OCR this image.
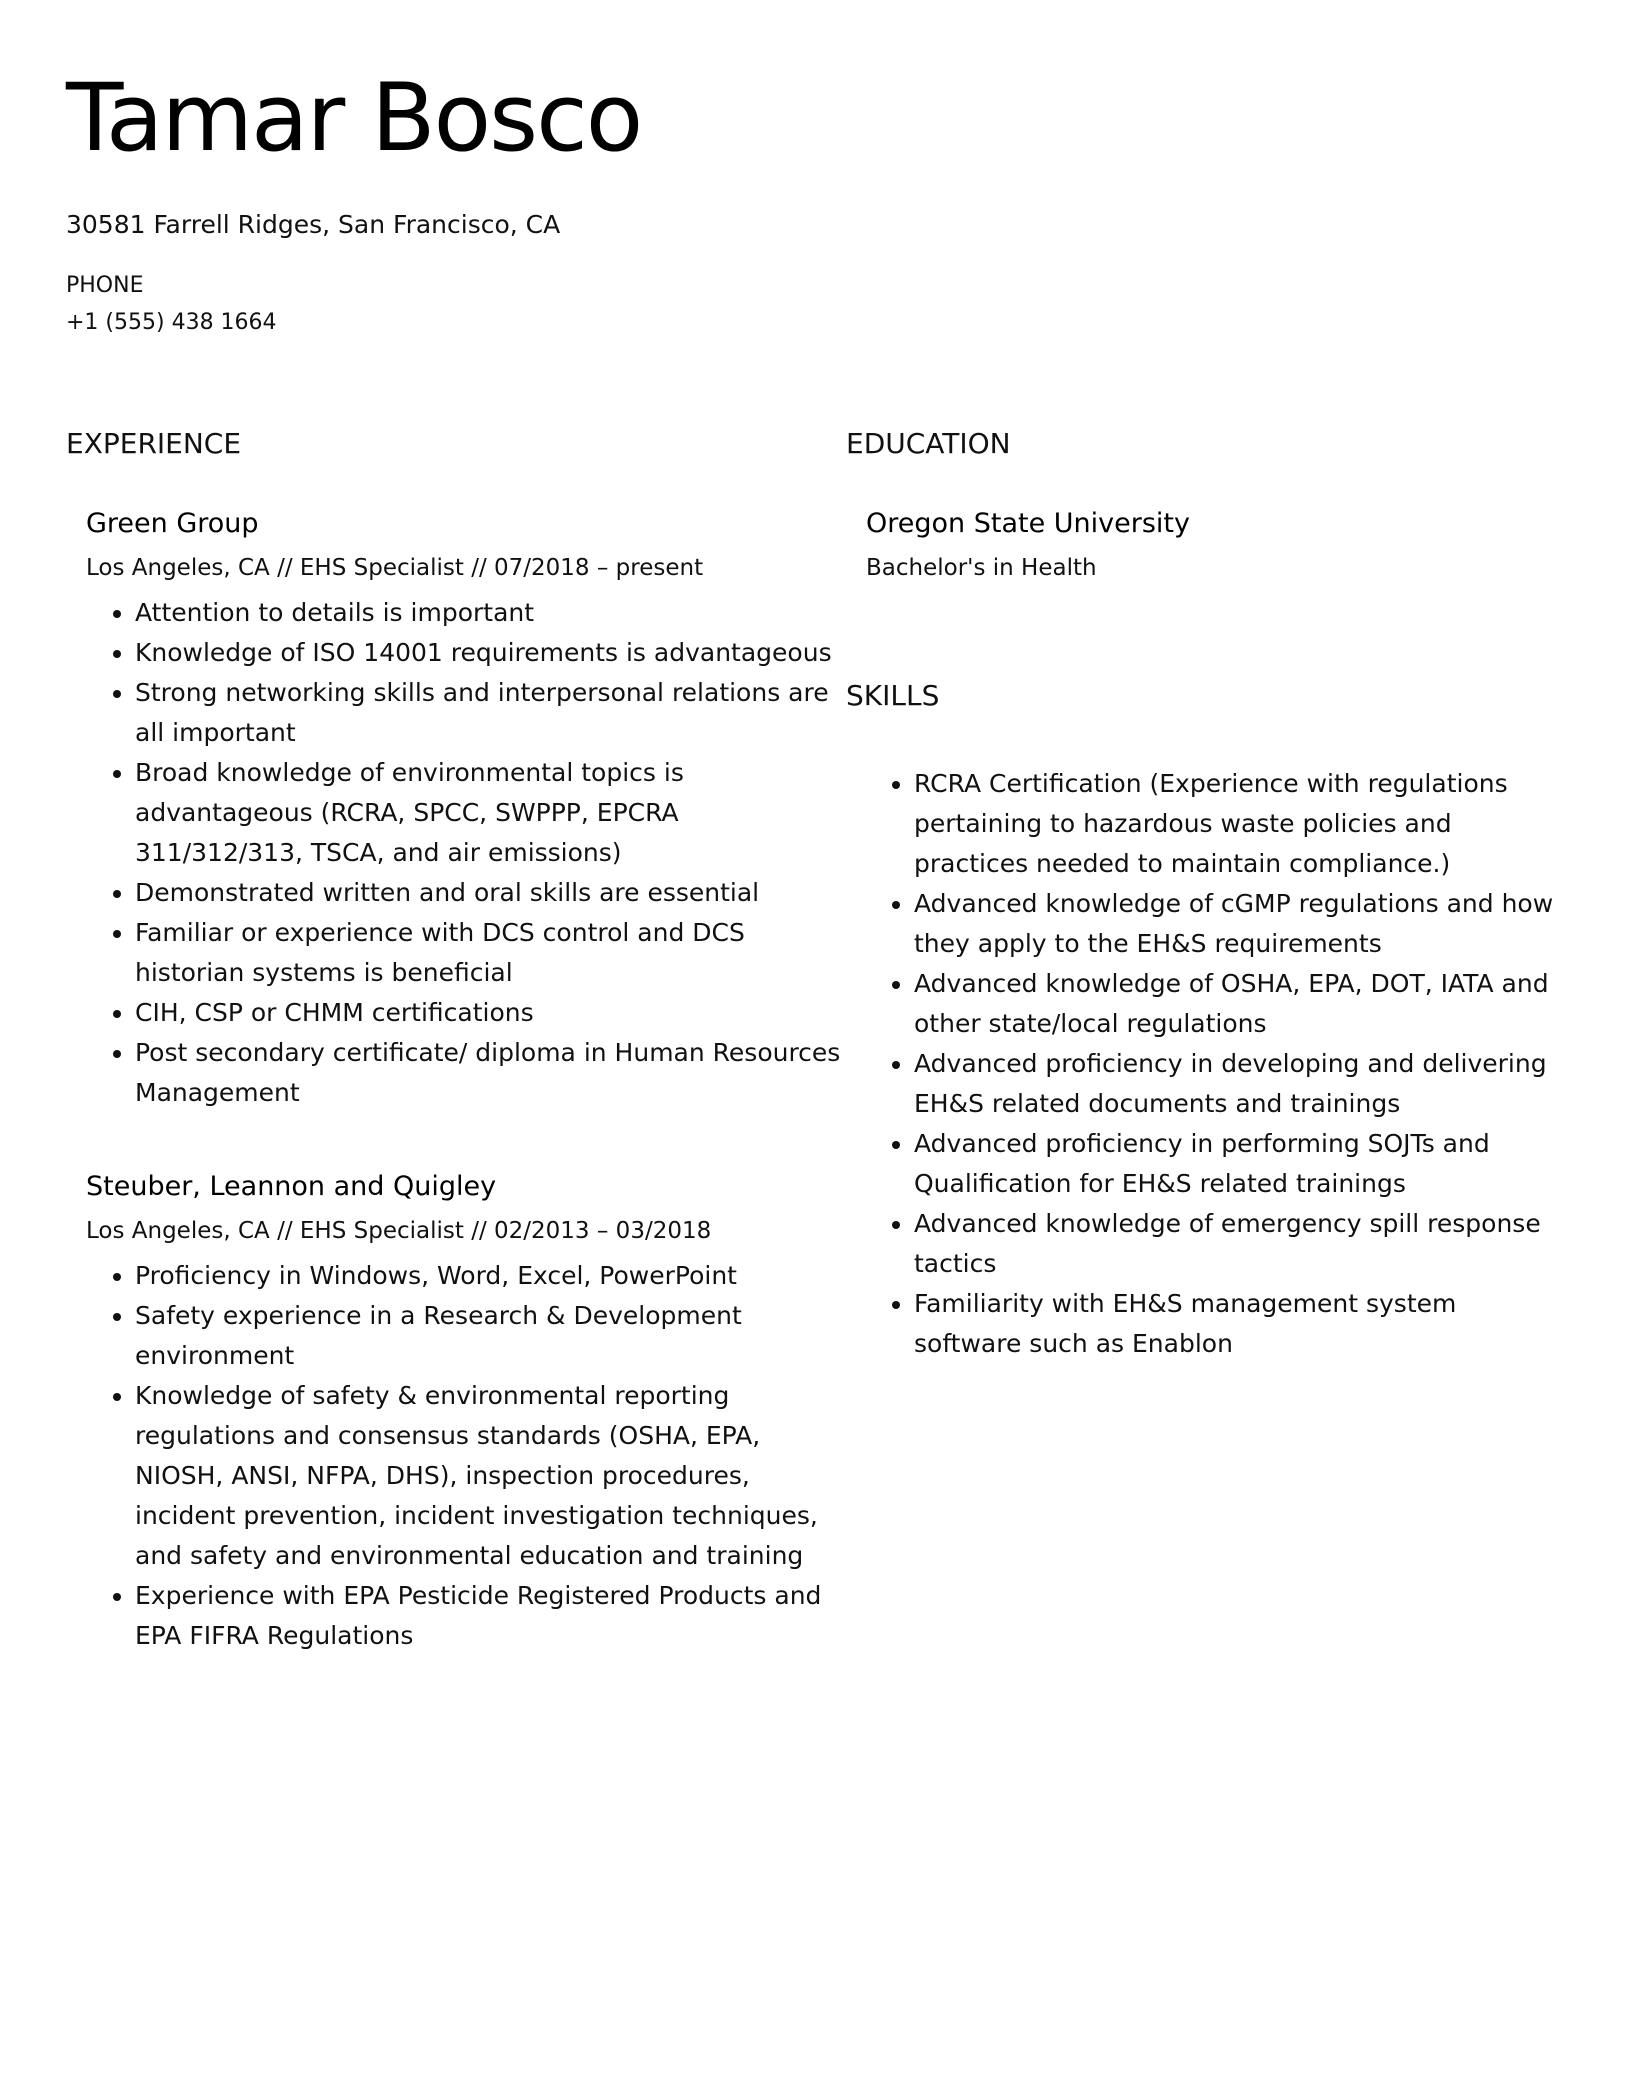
Tamar Bosco
30581 Farrell Ridges, San Francisco, CA
PHONE
+1 (555) 438 1664
EXPERIENCE
Green Group
Los Angeles, CA // EHS Specialist // 07/2018 – present
• Attention to details is important
• Knowledge of ISO 14001 requirements is advantageous
• Strong networking skills and interpersonal relations are all important
• Broad knowledge of environmental topics is advantageous (RCRA, SPCC, SWPPP, EPCRA 311/312/313, TSCA, and air emissions)
• Demonstrated written and oral skills are essential
• Familiar or experience with DCS control and DCS historian systems is beneficial
• CIH, CSP or CHMM certifications
• Post secondary certificate/ diploma in Human Resources Management
Steuber, Leannon and Quigley
Los Angeles, CA // EHS Specialist // 02/2013 – 03/2018
• Proficiency in Windows, Word, Excel, PowerPoint
• Safety experience in a Research & Development environment
• Knowledge of safety & environmental reporting regulations and consensus standards (OSHA, EPA, NIOSH, ANSI, NFPA, DHS), inspection procedures, incident prevention, incident investigation techniques, and safety and environmental education and training
• Experience with EPA Pesticide Registered Products and EPA FIFRA Regulations
EDUCATION
Oregon State University
Bachelor's in Health
SKILLS
• RCRA Certification (Experience with regulations pertaining to hazardous waste policies and practices needed to maintain compliance.)
• Advanced knowledge of cGMP regulations and how they apply to the EH&S requirements
• Advanced knowledge of OSHA, EPA, DOT, IATA and other state/local regulations
• Advanced proficiency in developing and delivering EH&S related documents and trainings
• Advanced proficiency in performing SOJTs and Qualification for EH&S related trainings
• Advanced knowledge of emergency spill response tactics
• Familiarity with EH&S management system software such as Enablon
